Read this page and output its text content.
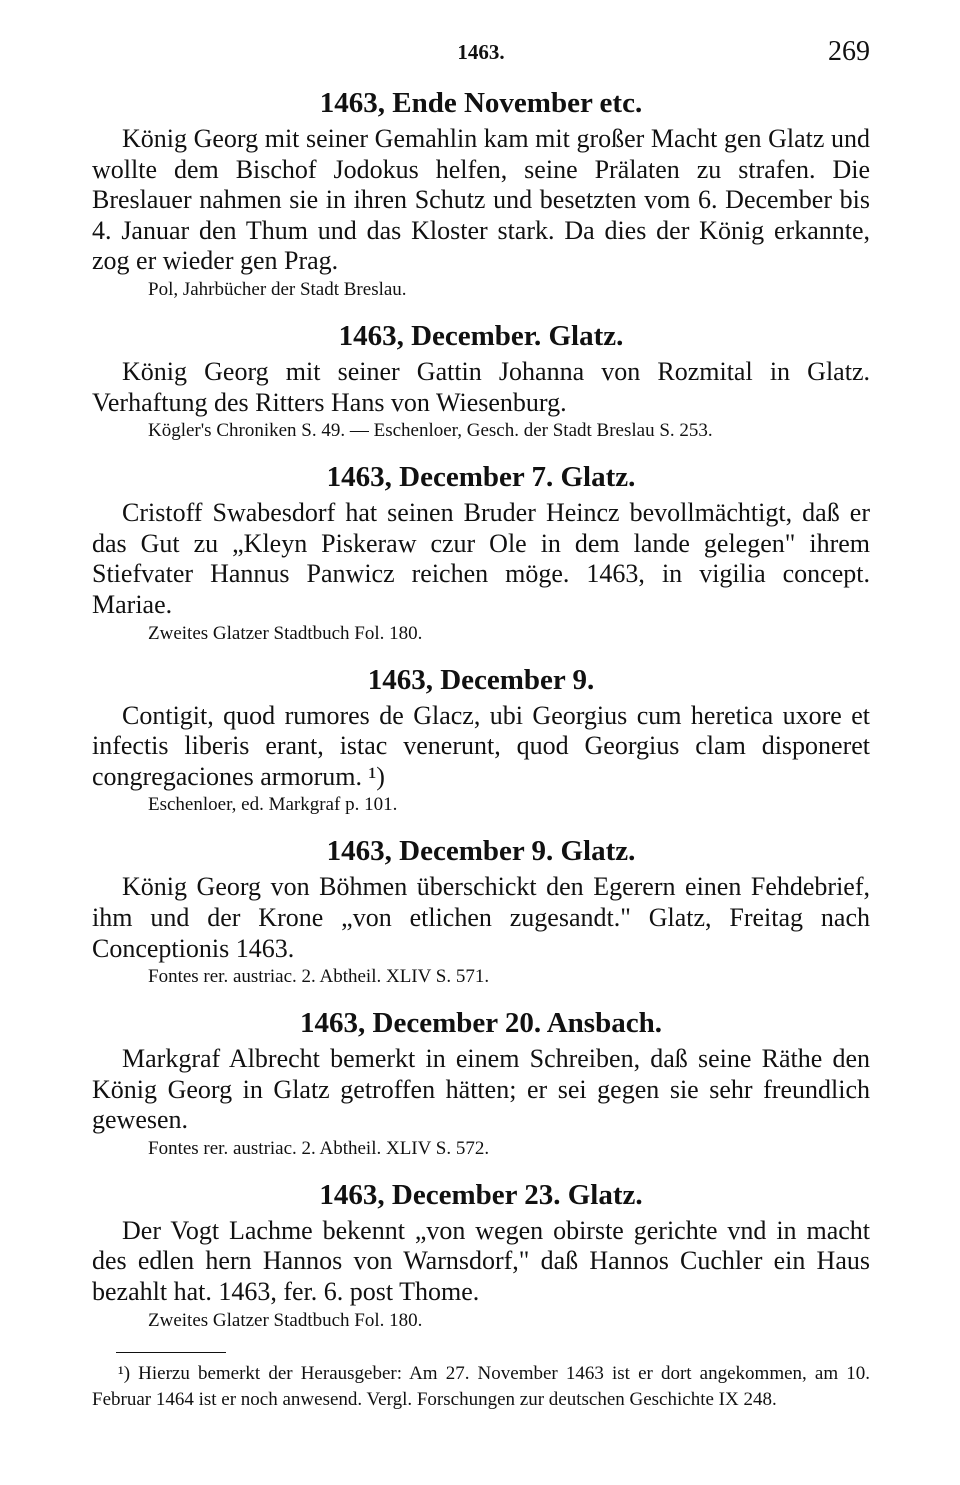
1463.	269
1463, Ende November etc.

König Georg mit seiner Gemahlin kam mit großer Macht gen Glatz und wollte dem Bischof Jodokus helfen, seine Prälaten zu strafen. Die Breslauer nahmen sie in ihren Schutz und besetzten vom 6. December bis 4. Januar den Thum und das Kloster stark. Da dies der König erkannte, zog er wieder gen Prag.

Pol, Jahrbücher der Stadt Breslau.

1463, December. Glatz.

König Georg mit seiner Gattin Johanna von Rozmital in Glatz. Verhaftung des Ritters Hans von Wiesenburg.

Kögler's Chroniken S. 49. — Eschenloer, Gesch. der Stadt Breslau S. 253.

1463, December 7. Glatz.

Cristoff Swabesdorf hat seinen Bruder Heincz bevollmächtigt, daß er das Gut zu „Kleyn Piskeraw czur Ole in dem lande gelegen" ihrem Stiefvater Hannus Panwicz reichen möge. 1463, in vigilia concept. Mariae.

Zweites Glatzer Stadtbuch Fol. 180.

1463, December 9.

Contigit, quod rumores de Glacz, ubi Georgius cum heretica uxore et infectis liberis erant, istac venerunt, quod Georgius clam disponeret congregaciones armorum. ¹)

Eschenloer, ed. Markgraf p. 101.

1463, December 9. Glatz.

König Georg von Böhmen überschickt den Egerern einen Fehdebrief, ihm und der Krone „von etlichen zugesandt." Glatz, Freitag nach Conceptionis 1463.

Fontes rer. austriac. 2. Abtheil. XLIV S. 571.

1463, December 20. Ansbach.

Markgraf Albrecht bemerkt in einem Schreiben, daß seine Räthe den König Georg in Glatz getroffen hätten; er sei gegen sie sehr freundlich gewesen.

Fontes rer. austriac. 2. Abtheil. XLIV S. 572.

1463, December 23. Glatz.

Der Vogt Lachme bekennt „von wegen obirste gerichte vnd in macht des edlen hern Hannos von Warnsdorf," daß Hannos Cuchler ein Haus bezahlt hat. 1463, fer. 6. post Thome.

Zweites Glatzer Stadtbuch Fol. 180.

¹) Hierzu bemerkt der Herausgeber: Am 27. November 1463 ist er dort angekommen, am 10. Februar 1464 ist er noch anwesend. Vergl. Forschungen zur deutschen Geschichte IX 248.
